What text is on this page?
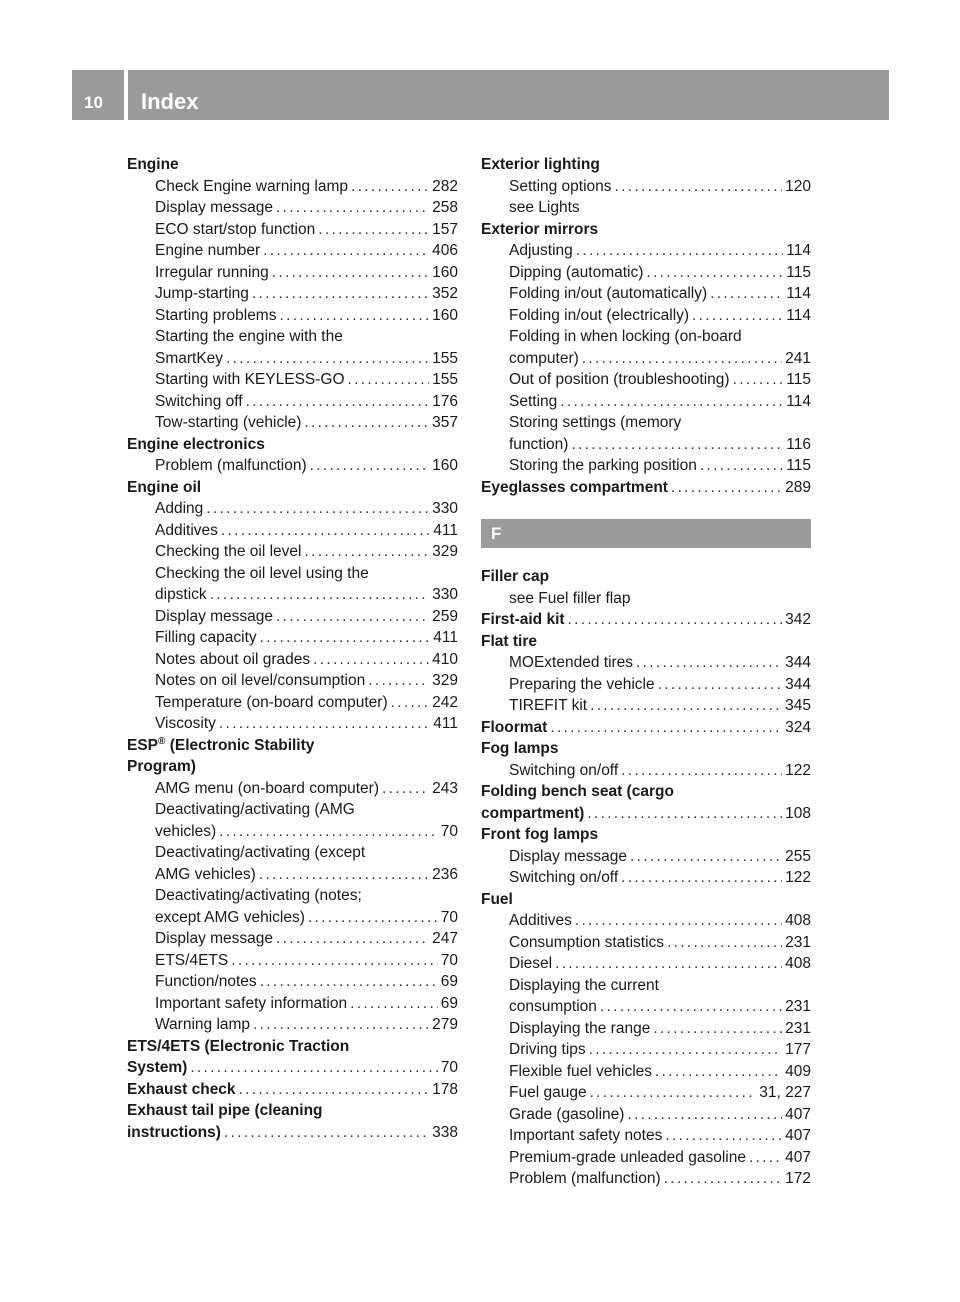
10 Index
Engine
Check Engine warning lamp . . .	282
Display message . . .	258
ECO start/stop function . . .	157
Engine number . . .	406
Irregular running . . .	160
Jump-starting . . .	352
Starting problems . . .	160
Starting the engine with the
SmartKey . . .	155
Starting with KEYLESS-GO . . .	155
Switching off . . .	176
Tow-starting (vehicle) . . .	357
Engine electronics
Problem (malfunction) . . .	160
Engine oil
Adding . . .	330
Additives . . .	411
Checking the oil level . . .	329
Checking the oil level using the
dipstick . . .	330
Display message . . .	259
Filling capacity . . .	411
Notes about oil grades . . .	410
Notes on oil level/consumption . . .	329
Temperature (on-board computer) . . .	242
Viscosity . . .	411
ESP® (Electronic Stability
Program)
AMG menu (on-board computer) . . .	243
Deactivating/activating (AMG
vehicles) . . .	70
Deactivating/activating (except
AMG vehicles) . . .	236
Deactivating/activating (notes;
except AMG vehicles) . . .	70
Display message . . .	247
ETS/4ETS . . .	70
Function/notes . . .	69
Important safety information . . .	69
Warning lamp . . .	279
ETS/4ETS (Electronic Traction
System) . . .	70
Exhaust check . . .	178
Exhaust tail pipe (cleaning
instructions) . . .	338
Exterior lighting
Setting options . . .	120
see Lights
Exterior mirrors
Adjusting . . .	114
Dipping (automatic) . . .	115
Folding in/out (automatically) . . .	114
Folding in/out (electrically) . . .	114
Folding in when locking (on-board
computer) . . .	241
Out of position (troubleshooting) . . .	115
Setting . . .	114
Storing settings (memory
function) . . .	116
Storing the parking position . . .	115
Eyeglasses compartment . . .	289
F
Filler cap
see Fuel filler flap
First-aid kit . . .	342
Flat tire
MOExtended tires . . .	344
Preparing the vehicle . . .	344
TIREFIT kit . . .	345
Floormat . . .	324
Fog lamps
Switching on/off . . .	122
Folding bench seat (cargo
compartment) . . .	108
Front fog lamps
Display message . . .	255
Switching on/off . . .	122
Fuel
Additives . . .	408
Consumption statistics . . .	231
Diesel . . .	408
Displaying the current
consumption . . .	231
Displaying the range . . .	231
Driving tips . . .	177
Flexible fuel vehicles . . .	409
Fuel gauge . . .	31, 227
Grade (gasoline) . . .	407
Important safety notes . . .	407
Premium-grade unleaded gasoline . . .	407
Problem (malfunction) . . .	172
